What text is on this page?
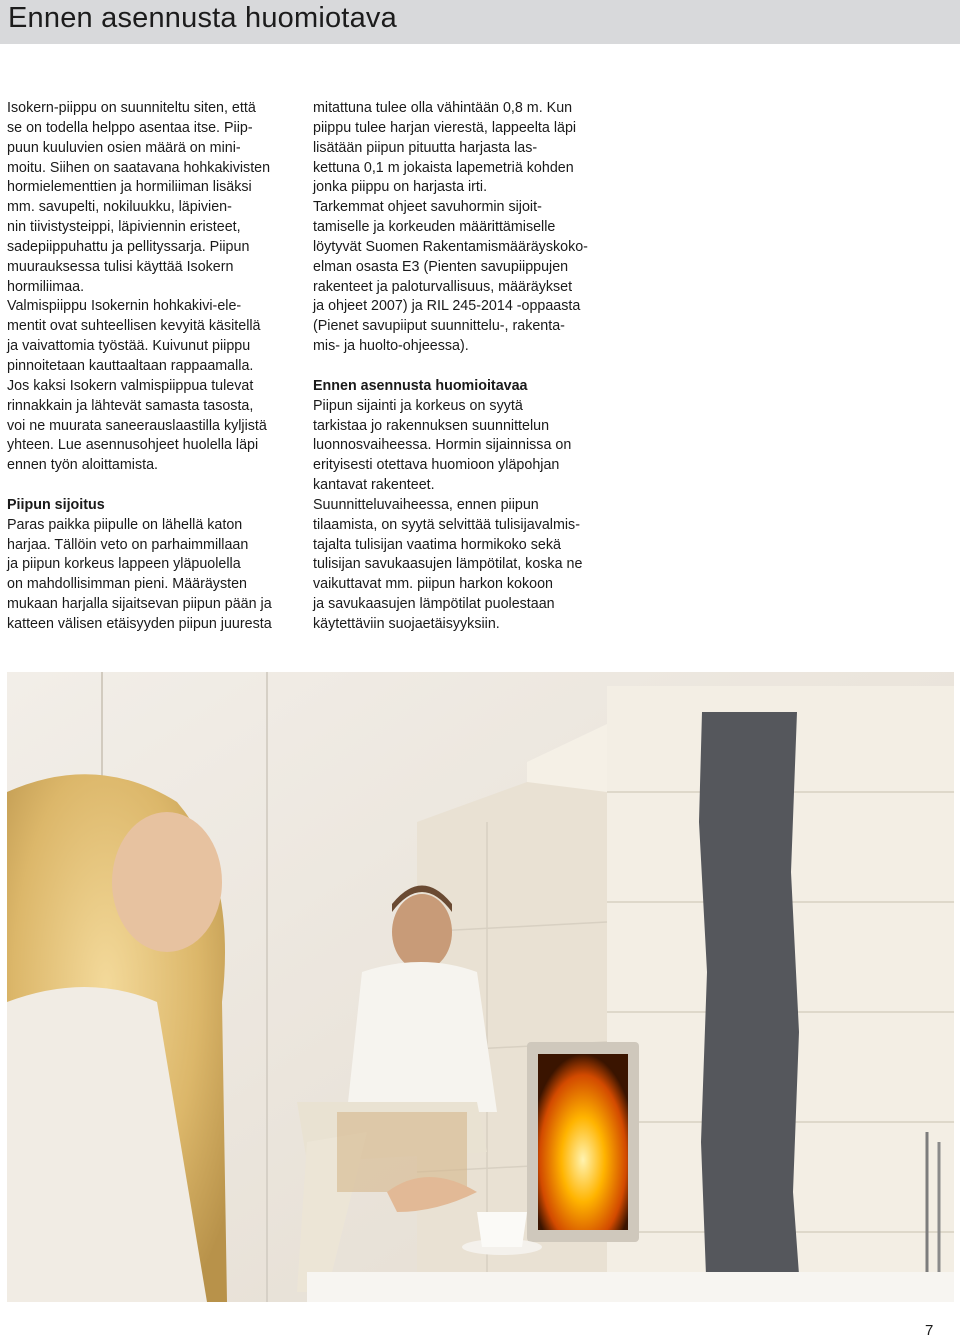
Ennen asennusta huomiotava

Isokern-piippu on suunniteltu siten, että
se on todella helppo asentaa itse. Piip-
puun kuuluvien osien määrä on mini-
moitu. Siihen on saatavana hohkakivisten
hormielementtien ja hormiliiman lisäksi
mm. savupelti, nokiluukku, läpivien-
nin tiivistysteippi, läpiviennin eristeet,
sadepiippuhattu ja pellityssarja. Piipun
muurauksessa tulisi käyttää Isokern
hormiliimaa.

Valmispiippu Isokernin hohkakivi-ele-
mentit ovat suhteellisen kevyitä käsitellä
ja vaivattomia työstää. Kuivunut piippu
pinnoitetaan kauttaaltaan rappaamalla.

Jos kaksi Isokern valmispiippua tulevat
rinnakkain ja lähtevät samasta tasosta,
voi ne muurata saneerauslaastilla kyljistä
yhteen. Lue asennusohjeet huolella läpi
ennen työn aloittamista.

Piipun sijoitus

Paras paikka piipulle on lähellä katon
harjaa. Tällöin veto on parhaimmillaan
ja piipun korkeus lappeen yläpuolella
on mahdollisimman pieni. Määräysten
mukaan harjalla sijaitsevan piipun pään ja
katteen välisen etäisyyden piipun juuresta

mitattuna tulee olla vähintään 0,8 m. Kun
piippu tulee harjan vierestä, lappeelta läpi
lisätään piipun pituutta harjasta las-
kettuna 0,1 m jokaista lapemetriä kohden
jonka piippu on harjasta irti.

Tarkemmat ohjeet savuhormin sijoit-
tamiselle ja korkeuden määrittämiselle
löytyvät Suomen Rakentamismääräyskoko-
elman osasta E3 (Pienten savupiippujen
rakenteet ja paloturvallisuus, määräykset
ja ohjeet 2007) ja RIL 245-2014 -oppaasta
(Pienet savupiiput suunnittelu-, rakenta-
mis- ja huolto-ohjeessa).

Ennen asennusta huomioitavaa

Piipun sijainti ja korkeus on syytä
tarkistaa jo rakennuksen suunnittelun
luonnosvaiheessa. Hormin sijainnissa on
erityisesti otettava huomioon yläpohjan
kantavat rakenteet.

Suunnitteluvaiheessa, ennen piipun
tilaamista, on syytä selvittää tulisijavalmis-
tajalta tulisijan vaatima hormikoko sekä
tulisijan savukaasujen lämpötilat, koska ne
vaikuttavat mm. piipun harkon kokoon
ja savukaasujen lämpötilat puolestaan
käytettäviin suojaetäisyyksiin.

7
